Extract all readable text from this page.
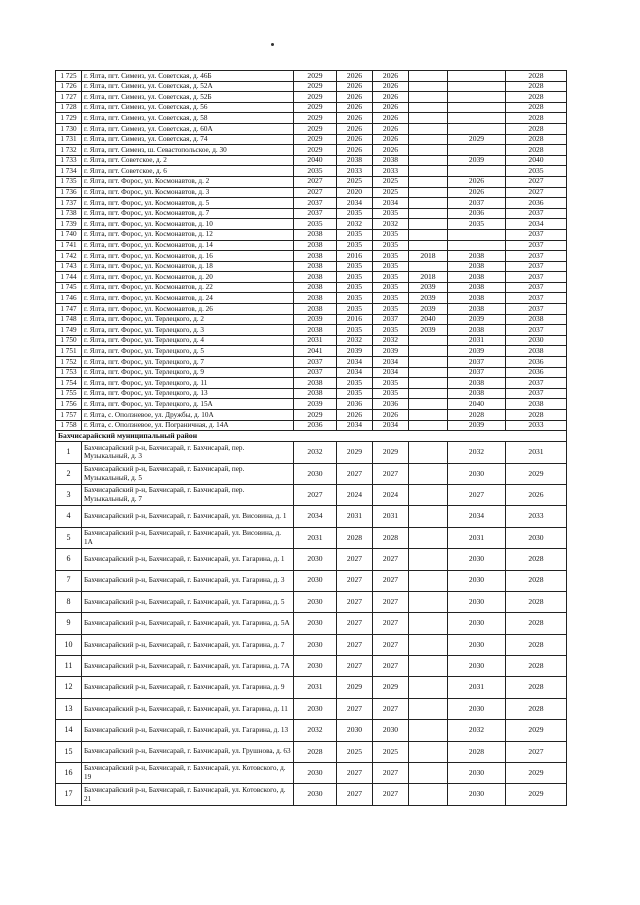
1 725	г. Ялта, пгт. Симеиз, ул. Советская, д. 46Б	2029	2026	2026			2028
1 726	г. Ялта, пгт. Симеиз, ул. Советская, д. 52А	2029	2026	2026			2028
1 727	г. Ялта, пгт. Симеиз, ул. Советская, д. 52Б	2029	2026	2026			2028
1 728	г. Ялта, пгт. Симеиз, ул. Советская, д. 56	2029	2026	2026			2028
1 729	г. Ялта, пгт. Симеиз, ул. Советская, д. 58	2029	2026	2026			2028
1 730	г. Ялта, пгт. Симеиз, ул. Советская, д. 60А	2029	2026	2026			2028
1 731	г. Ялта, пгт. Симеиз, ул. Советская, д. 74	2029	2026	2026		2029	2028
1 732	г. Ялта, пгт. Симеиз, ш. Севастопольское, д. 30	2029	2026	2026			2028
1 733	г. Ялта, пгт. Советское, д. 2	2040	2038	2038		2039	2040
1 734	г. Ялта, пгт. Советское, д. 6	2035	2033	2033			2035
1 735	г. Ялта, пгт. Форос, ул. Космонавтов, д. 2	2027	2025	2025		2026	2027
1 736	г. Ялта, пгт. Форос, ул. Космонавтов, д. 3	2027	2020	2025		2026	2027
1 737	г. Ялта, пгт. Форос, ул. Космонавтов, д. 5	2037	2034	2034		2037	2036
1 738	г. Ялта, пгт. Форос, ул. Космонавтов, д. 7	2037	2035	2035		2036	2037
1 739	г. Ялта, пгт. Форос, ул. Космонавтов, д. 10	2035	2032	2032		2035	2034
1 740	г. Ялта, пгт. Форос, ул. Космонавтов, д. 12	2038	2035	2035			2037
1 741	г. Ялта, пгт. Форос, ул. Космонавтов, д. 14	2038	2035	2035			2037
1 742	г. Ялта, пгт. Форос, ул. Космонавтов, д. 16	2038	2016	2035	2018	2038	2037
1 743	г. Ялта, пгт. Форос, ул. Космонавтов, д. 18	2038	2035	2035		2038	2037
1 744	г. Ялта, пгт. Форос, ул. Космонавтов, д. 20	2038	2035	2035	2018	2038	2037
1 745	г. Ялта, пгт. Форос, ул. Космонавтов, д. 22	2038	2035	2035	2039	2038	2037
1 746	г. Ялта, пгт. Форос, ул. Космонавтов, д. 24	2038	2035	2035	2039	2038	2037
1 747	г. Ялта, пгт. Форос, ул. Космонавтов, д. 26	2038	2035	2035	2039	2038	2037
1 748	г. Ялта, пгт. Форос, ул. Терлецкого, д. 2	2039	2016	2037	2040	2039	2038
1 749	г. Ялта, пгт. Форос, ул. Терлецкого, д. 3	2038	2035	2035	2039	2038	2037
1 750	г. Ялта, пгт. Форос, ул. Терлецкого, д. 4	2031	2032	2032		2031	2030
1 751	г. Ялта, пгт. Форос, ул. Терлецкого, д. 5	2041	2039	2039		2039	2038
1 752	г. Ялта, пгт. Форос, ул. Терлецкого, д. 7	2037	2034	2034		2037	2036
1 753	г. Ялта, пгт. Форос, ул. Терлецкого, д. 9	2037	2034	2034		2037	2036
1 754	г. Ялта, пгт. Форос, ул. Терлецкого, д. 11	2038	2035	2035		2038	2037
1 755	г. Ялта, пгт. Форос, ул. Терлецкого, д. 13	2038	2035	2035		2038	2037
1 756	г. Ялта, пгт. Форос, ул. Терлецкого, д. 15А	2039	2036	2036		2040	2038
1 757	г. Ялта, с. Оползневое, ул. Дружбы, д. 10А	2029	2026	2026		2028	2028
1 758	г. Ялта, с. Оползневое, ул. Пограничная, д. 14А	2036	2034	2034		2039	2033
Бахчисарайский муниципальный район							
1	Бахчисарайский р-н, Бахчисарай, г. Бахчисарай, пер. Музыкальный, д. 3	2032	2029	2029		2032	2031
2	Бахчисарайский р-н, Бахчисарай, г. Бахчисарай, пер. Музыкальный, д. 5	2030	2027	2027		2030	2029
3	Бахчисарайский р-н, Бахчисарай, г. Бахчисарай, пер. Музыкальный, д. 7	2027	2024	2024		2027	2026
4	Бахчисарайский р-н, Бахчисарай, г. Бахчисарай, ул. Висовина, д. 1	2034	2031	2031		2034	2033
5	Бахчисарайский р-н, Бахчисарай, г. Бахчисарай, ул. Висовина, д. 1А	2031	2028	2028		2031	2030
6	Бахчисарайский р-н, Бахчисарай, г. Бахчисарай, ул. Гагарина, д. 1	2030	2027	2027		2030	2028
7	Бахчисарайский р-н, Бахчисарай, г. Бахчисарай, ул. Гагарина, д. 3	2030	2027	2027		2030	2028
8	Бахчисарайский р-н, Бахчисарай, г. Бахчисарай, ул. Гагарина, д. 5	2030	2027	2027		2030	2028
9	Бахчисарайский р-н, Бахчисарай, г. Бахчисарай, ул. Гагарина, д. 5А	2030	2027	2027		2030	2028
10	Бахчисарайский р-н, Бахчисарай, г. Бахчисарай, ул. Гагарина, д. 7	2030	2027	2027		2030	2028
11	Бахчисарайский р-н, Бахчисарай, г. Бахчисарай, ул. Гагарина, д. 7А	2030	2027	2027		2030	2028
12	Бахчисарайский р-н, Бахчисарай, г. Бахчисарай, ул. Гагарина, д. 9	2031	2029	2029		2031	2028
13	Бахчисарайский р-н, Бахчисарай, г. Бахчисарай, ул. Гагарина, д. 11	2030	2027	2027		2030	2028
14	Бахчисарайский р-н, Бахчисарай, г. Бахчисарай, ул. Гагарина, д. 13	2032	2030	2030		2032	2029
15	Бахчисарайский р-н, Бахчисарай, г. Бахчисарай, ул. Грушнова, д. 63	2028	2025	2025		2028	2027
16	Бахчисарайский р-н, Бахчисарай, г. Бахчисарай, ул. Котовского, д. 19	2030	2027	2027		2030	2029
17	Бахчисарайский р-н, Бахчисарай, г. Бахчисарай, ул. Котовского, д. 21	2030	2027	2027		2030	2029
